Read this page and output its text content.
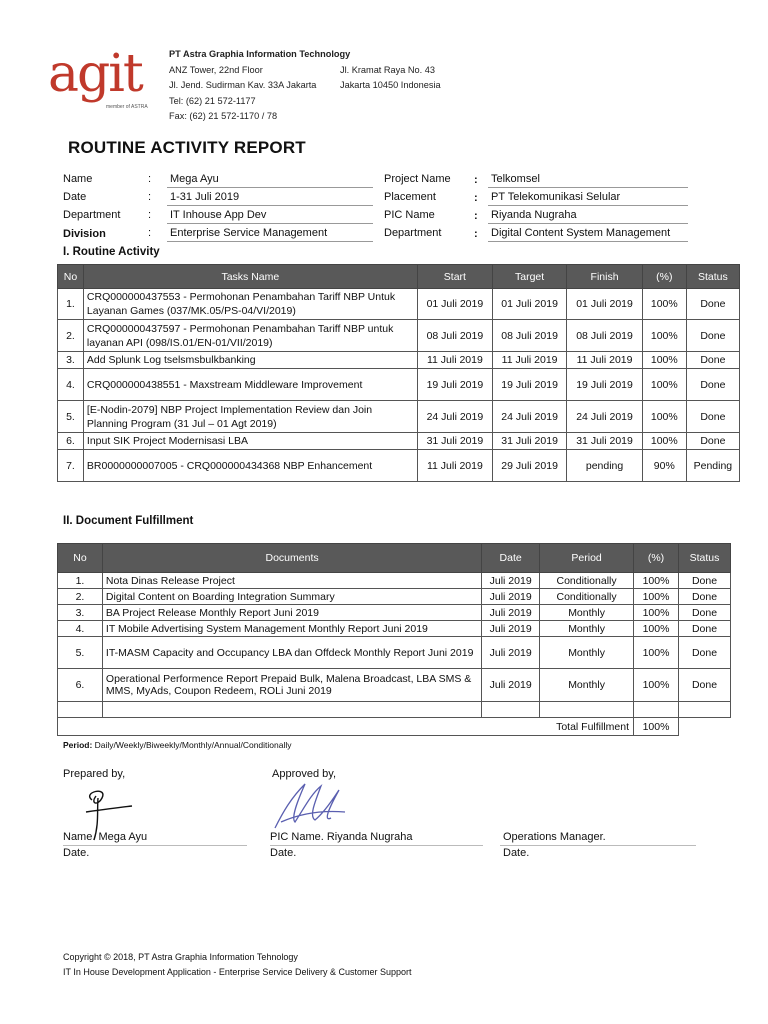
agit
member of ASTRA
PT Astra Graphia Information Technology
ANZ Tower, 22nd Floor	Jl. Kramat Raya No. 43
Jl. Jend. Sudirman Kav. 33A Jakarta	Jakarta 10450 Indonesia
Tel: (62) 21 572-1177
Fax: (62) 21 572-1170 / 78
ROUTINE ACTIVITY REPORT
Name	: Mega Ayu
Date	: 1-31 Juli 2019
Department	: IT Inhouse App Dev
Division	: Enterprise Service Management
Project Name : Telkomsel
Placement	: PT Telekomunikasi Selular
PIC Name	: Riyanda Nugraha
Department	: Digital Content System Management
I. Routine Activity
No	Tasks Name	Start	Target	Finish	(%)	Status
1.	CRQ000000437553 - Permohonan Penambahan Tariff NBP Untuk Layanan Games (037/MK.05/PS-04/VI/2019)	01 Juli 2019	01 Juli 2019	01 Juli 2019	100%	Done
2.	CRQ000000437597 - Permohonan Penambahan Tariff NBP untuk layanan API (098/IS.01/EN-01/VII/2019)	08 Juli 2019	08 Juli 2019	08 Juli 2019	100%	Done
3.	Add Splunk Log tselsmsbulkbanking	11 Juli 2019	11 Juli 2019	11 Juli 2019	100%	Done
4.	CRQ000000438551 - Maxstream Middleware Improvement	19 Juli 2019	19 Juli 2019	19 Juli 2019	100%	Done
5.	[E-Nodin-2079] NBP Project Implementation Review dan Join Planning Program (31 Jul – 01 Agt 2019)	24 Juli 2019	24 Juli 2019	24 Juli 2019	100%	Done
6.	Input SIK Project Modernisasi LBA	31 Juli 2019	31 Juli 2019	31 Juli 2019	100%	Done
7.	BR0000000007005 - CRQ000000434368 NBP Enhancement	11 Juli 2019	29 Juli 2019	pending	90%	Pending
II. Document Fulfillment
No	Documents	Date	Period	(%)	Status
1.	Nota Dinas Release Project	Juli 2019	Conditionally	100%	Done
2.	Digital Content on Boarding Integration Summary	Juli 2019	Conditionally	100%	Done
3.	BA Project Release Monthly Report Juni 2019	Juli 2019	Monthly	100%	Done
4.	IT Mobile Advertising System Management Monthly Report Juni 2019	Juli 2019	Monthly	100%	Done
5.	IT-MASM Capacity and Occupancy LBA dan Offdeck Monthly Report Juni 2019	Juli 2019	Monthly	100%	Done
6.	Operational Performence Report Prepaid Bulk, Malena Broadcast, LBA SMS & MMS, MyAds, Coupon Redeem, ROLi Juni 2019	Juli 2019	Monthly	100%	Done

Total Fulfillment				100%	
Period: Daily/Weekly/Biweekly/Monthly/Annual/Conditionally
Prepared by,	Approved by,
Name. Mega Ayu	PIC Name. Riyanda Nugraha	Operations Manager.
Date.	Date.	Date.
Copyright © 2018, PT Astra Graphia Information Tehnology
IT In House Development Application - Enterprise Service Delivery & Customer Support
